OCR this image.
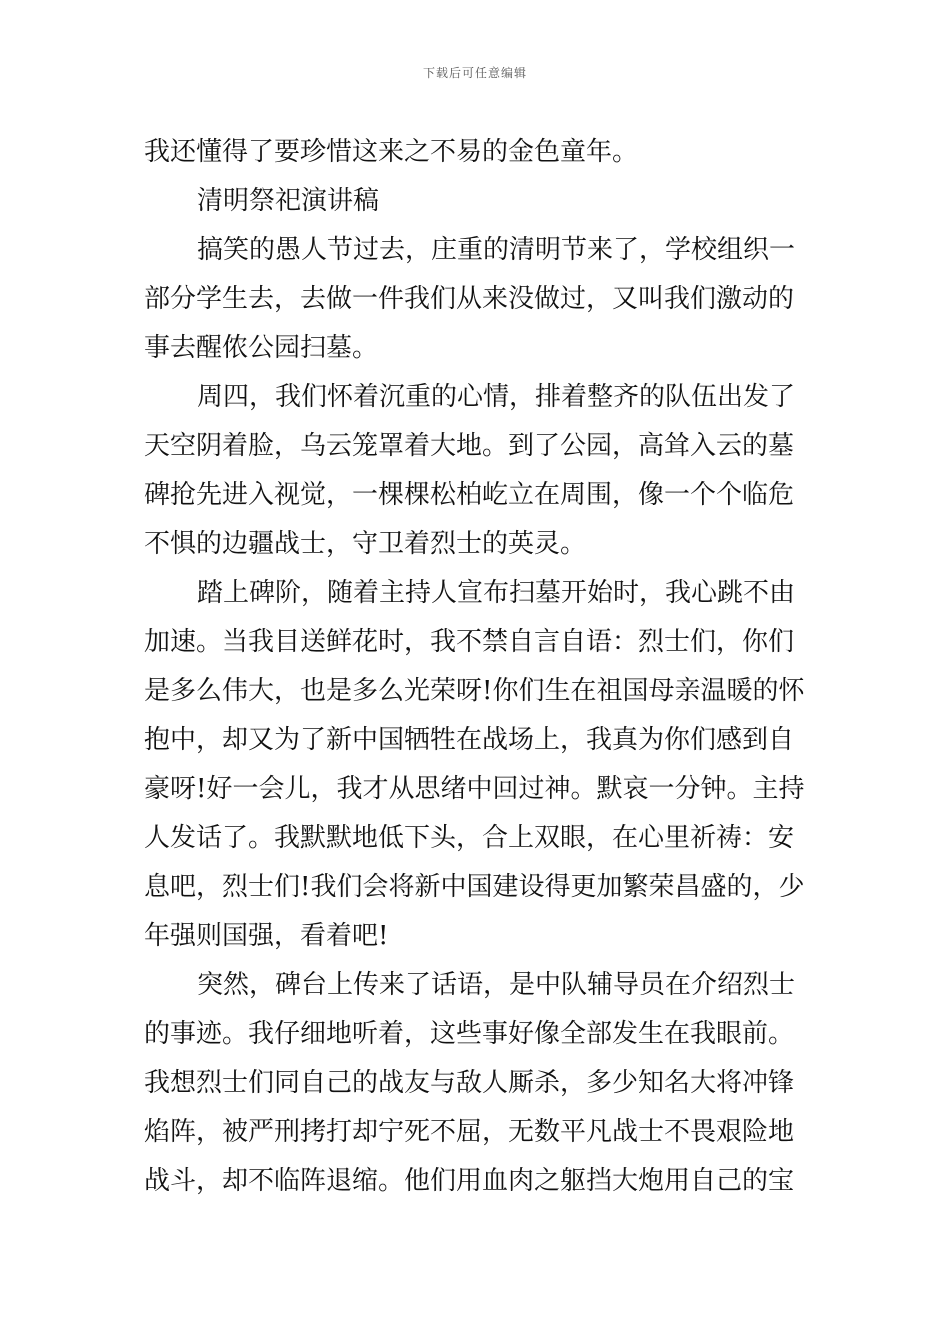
下载后可任意编辑
我还懂得了要珍惜这来之不易的金色童年。
清明祭祀演讲稿
搞笑的愚人节过去，庄重的清明节来了，学校组织一
部分学生去，去做一件我们从来没做过，又叫我们激动的
事去醒侬公园扫墓。
周四，我们怀着沉重的心情，排着整齐的队伍出发了
天空阴着脸，乌云笼罩着大地。到了公园，高耸入云的墓
碑抢先进入视觉，一棵棵松柏屹立在周围，像一个个临危
不惧的边疆战士，守卫着烈士的英灵。
踏上碑阶，随着主持人宣布扫墓开始时，我心跳不由
加速。当我目送鲜花时，我不禁自言自语：烈士们，你们
是多么伟大，也是多么光荣呀!你们生在祖国母亲温暖的怀
抱中，却又为了新中国牺牲在战场上，我真为你们感到自
豪呀!好一会儿，我才从思绪中回过神。默哀一分钟。主持
人发话了。我默默地低下头，合上双眼，在心里祈祷：安
息吧，烈士们!我们会将新中国建设得更加繁荣昌盛的，少
年强则国强，看着吧!
突然，碑台上传来了话语，是中队辅导员在介绍烈士
的事迹。我仔细地听着，这些事好像全部发生在我眼前。
我想烈士们同自己的战友与敌人厮杀，多少知名大将冲锋
焰阵，被严刑拷打却宁死不屈，无数平凡战士不畏艰险地
战斗，却不临阵退缩。他们用血肉之躯挡大炮用自己的宝
